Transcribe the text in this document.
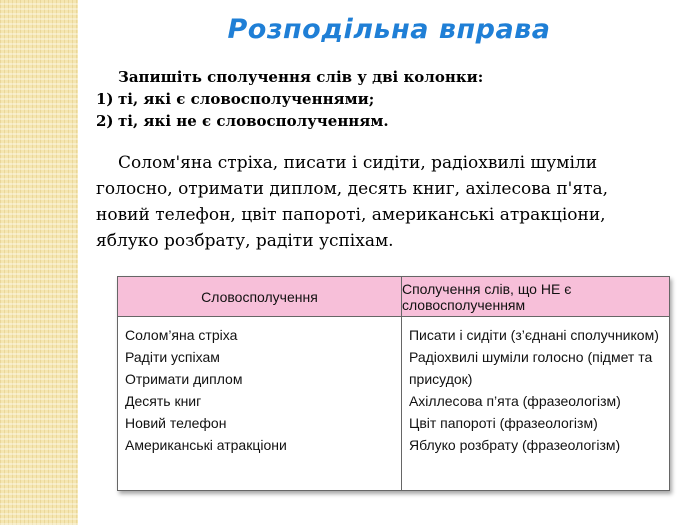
Розподільна вправа
Запишіть сполучення слів у дві колонки:
1) ті, які є словосполученнями;
2) ті, які не є словосполученням.

Солом'яна стріха, писати і сидіти, радіохвилі шуміли голосно, отримати диплом, десять книг, ахілесова п'ята, новий телефон, цвіт папороті, американські атракціони, яблуко розбрату, радіти успіхам.

Словосполучення	Сполучення слів, що НЕ є словосполученням
Солом’яна стріха
Радіти успіхам
Отримати диплом
Десять книг
Новий телефон
Американські атракціони
Писати і сидіти (з’єднані сполучником)
Радіохвилі шуміли голосно (підмет та присудок)
Ахіллесова п’ята (фразеологізм)
Цвіт папороті (фразеологізм)
Яблуко розбрату (фразеологізм)
